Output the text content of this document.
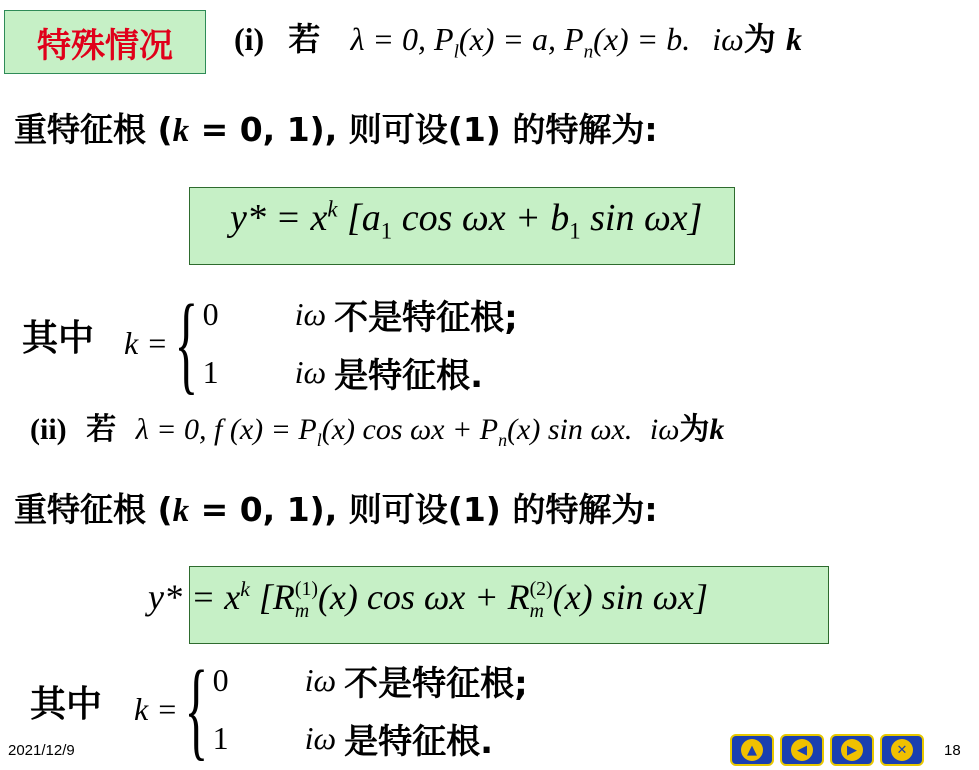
特殊情况	(i) 若 λ = 0, $P_l(x) = a$, $P_n(x) = b$. iω为 k
重特征根 (k = 0, 1), 则可设(1) 的特解为:
$y* = x^k$ [$a_1$ $\cos \omega x + b_1$ sin ωx]
其中 k = { 0	iω 不是特征根;
1	iω 是特征根.
(ii) 若 λ = 0, f $(x) = P_l(x)$ $\cos \omega x + P_n(x)$ sin ωx. iω为k
重特征根 (k = 0, 1), 则可设(1) 的特解为:
$y* = x^k$ [R (1)
m (x) cos ωx + R (2)
m (x) sin ωx]
其中 k = { 0	iω 不是特征根;
1	iω 是特征根.
2021/12/9	▲	◀	▶	✕	18
